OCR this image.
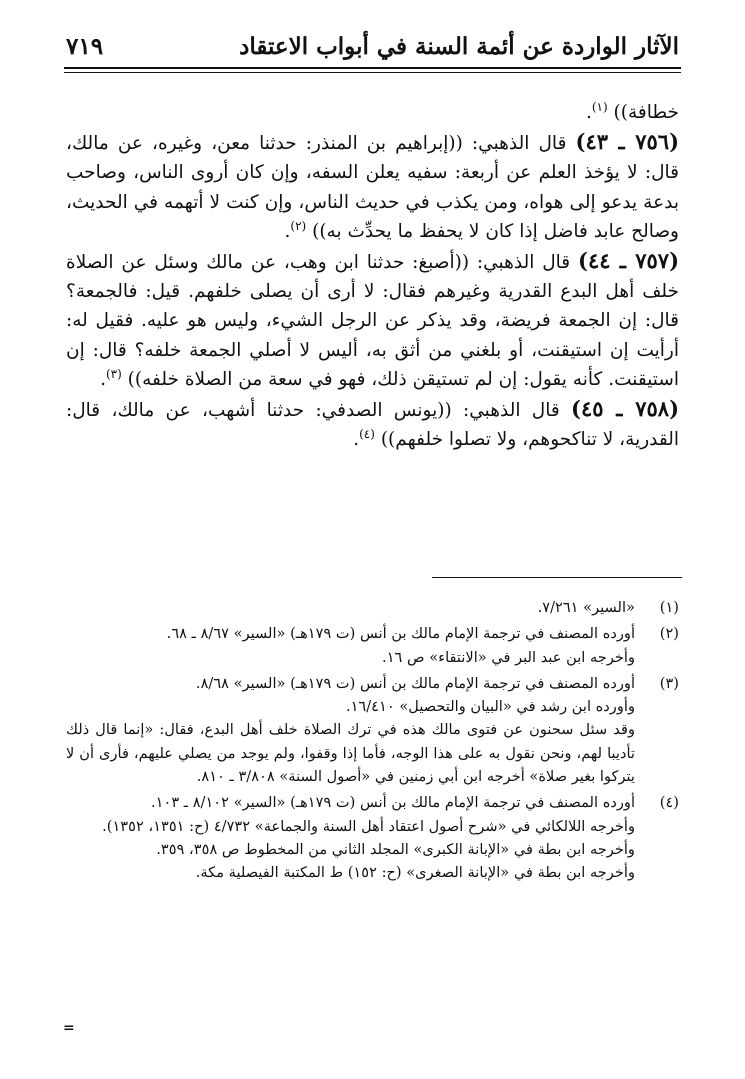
الآثار الواردة عن أئمة السنة في أبواب الاعتقاد
٧١٩

خطافة)) $^{(١)}$.

(٧٥٦ ـ ٤٣) قال الذهبي: ((إبراهيم بن المنذر: حدثنا معن، وغيره، عن مالك، قال: لا يؤخذ العلم عن أربعة: سفيه يعلن السفه، وإن كان أروى الناس، وصاحب بدعة يدعو إلى هواه، ومن يكذب في حديث الناس، وإن كنت لا أتهمه في الحديث، وصالح عابد فاضل إذا كان لا يحفظ ما يحدِّث به)) $^{(٢)}$.

(٧٥٧ ـ ٤٤) قال الذهبي: ((أصبغ: حدثنا ابن وهب، عن مالك وسئل عن الصلاة خلف أهل البدع القدرية وغيرهم فقال: لا أرى أن يصلى خلفهم. قيل: فالجمعة؟ قال: إن الجمعة فريضة، وقد يذكر عن الرجل الشيء، وليس هو عليه. فقيل له: أرأيت إن استيقنت، أو بلغني من أثق به، أليس لا أصلي الجمعة خلفه؟ قال: إن استيقنت. كأنه يقول: إن لم تستيقن ذلك، فهو في سعة من الصلاة خلفه)) $^{(٣)}$.

(٧٥٨ ـ ٤٥) قال الذهبي: ((يونس الصدفي: حدثنا أشهب، عن مالك، قال: القدرية، لا تناكحوهم، ولا تصلوا خلفهم)) $^{(٤)}$.

(١)

«السير» ٧/٢٦١.

(٢)

أورده المصنف في ترجمة الإمام مالك بن أنس (ت ١٧٩هـ) «السير» ٨/٦٧ ـ ٦٨.

وأخرجه ابن عبد البر في «الانتقاء» ص ١٦.

(٣)

أورده المصنف في ترجمة الإمام مالك بن أنس (ت ١٧٩هـ) «السير» ٨/٦٨.

وأورده ابن رشد في «البيان والتحصيل» ١٦/٤١٠.

وقد سئل سحنون عن فتوى مالك هذه في ترك الصلاة خلف أهل البدع، فقال: «إنما قال ذلك تأديبا لهم، ونحن نقول به على هذا الوجه، فأما إذا وقفوا، ولم يوجد من يصلي عليهم، فأرى أن لا يتركوا بغير صلاة» أخرجه ابن أبي زمنين في «أصول السنة» ٣/٨٠٨ ـ ٨١٠.

(٤)

أورده المصنف في ترجمة الإمام مالك بن أنس (ت ١٧٩هـ) «السير» ٨/١٠٢ ـ ١٠٣.

وأخرجه اللالكائي في «شرح أصول اعتقاد أهل السنة والجماعة» ٤/٧٣٢ (ح: ١٣٥١، ١٣٥٢).

وأخرجه ابن بطة في «الإبانة الكبرى» المجلد الثاني من المخطوط ص ٣٥٨، ٣٥٩.

وأخرجه ابن بطة في «الإبانة الصغرى» (ح: ١٥٢) ط المكتبة الفيصلية مكة.

=
